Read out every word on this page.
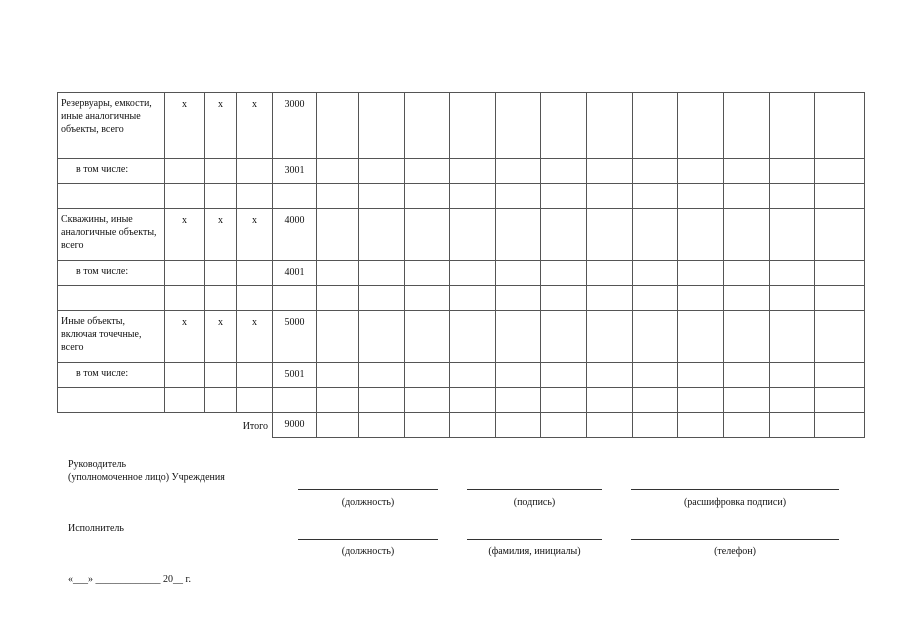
Резервуары, емкости, иные аналогичные объекты, всего	x	x	x	3000												
в том числе:				3001												

Скважины, иные аналогичные объекты, всего	x	x	x	4000												
в том числе:				4001												

Иные объекты, включая точечные, всего	x	x	x	5000												
в том числе:				5001												

Итого				9000												
Руководитель
(уполномоченное лицо) Учреждения
(должность)	(подпись)	(расшифровка подписи)
Исполнитель
(должность)	(фамилия, инициалы)	(телефон)
«___» _____________ 20__ г.
